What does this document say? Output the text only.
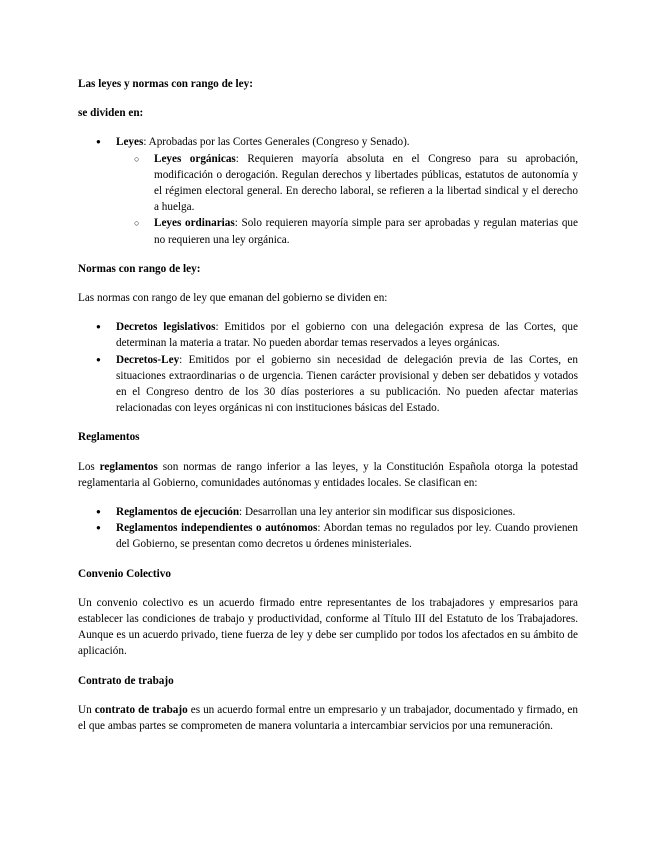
Las leyes y normas con rango de ley:

se dividen en:

● Leyes: Aprobadas por las Cortes Generales (Congreso y Senado).
○ Leyes orgánicas: Requieren mayoría absoluta en el Congreso para su aprobación, modificación o derogación. Regulan derechos y libertades públicas, estatutos de autonomía y el régimen electoral general. En derecho laboral, se refieren a la libertad sindical y el derecho a huelga.
○ Leyes ordinarias: Solo requieren mayoría simple para ser aprobadas y regulan materias que no requieren una ley orgánica.

Normas con rango de ley:

Las normas con rango de ley que emanan del gobierno se dividen en:

● Decretos legislativos: Emitidos por el gobierno con una delegación expresa de las Cortes, que determinan la materia a tratar. No pueden abordar temas reservados a leyes orgánicas.
● Decretos-Ley: Emitidos por el gobierno sin necesidad de delegación previa de las Cortes, en situaciones extraordinarias o de urgencia. Tienen carácter provisional y deben ser debatidos y votados en el Congreso dentro de los 30 días posteriores a su publicación. No pueden afectar materias relacionadas con leyes orgánicas ni con instituciones básicas del Estado.

Reglamentos

Los reglamentos son normas de rango inferior a las leyes, y la Constitución Española otorga la potestad reglamentaria al Gobierno, comunidades autónomas y entidades locales. Se clasifican en:

● Reglamentos de ejecución: Desarrollan una ley anterior sin modificar sus disposiciones.
● Reglamentos independientes o autónomos: Abordan temas no regulados por ley. Cuando provienen del Gobierno, se presentan como decretos u órdenes ministeriales.

Convenio Colectivo

Un convenio colectivo es un acuerdo firmado entre representantes de los trabajadores y empresarios para establecer las condiciones de trabajo y productividad, conforme al Título III del Estatuto de los Trabajadores. Aunque es un acuerdo privado, tiene fuerza de ley y debe ser cumplido por todos los afectados en su ámbito de aplicación.

Contrato de trabajo

Un contrato de trabajo es un acuerdo formal entre un empresario y un trabajador, documentado y firmado, en el que ambas partes se comprometen de manera voluntaria a intercambiar servicios por una remuneración.
